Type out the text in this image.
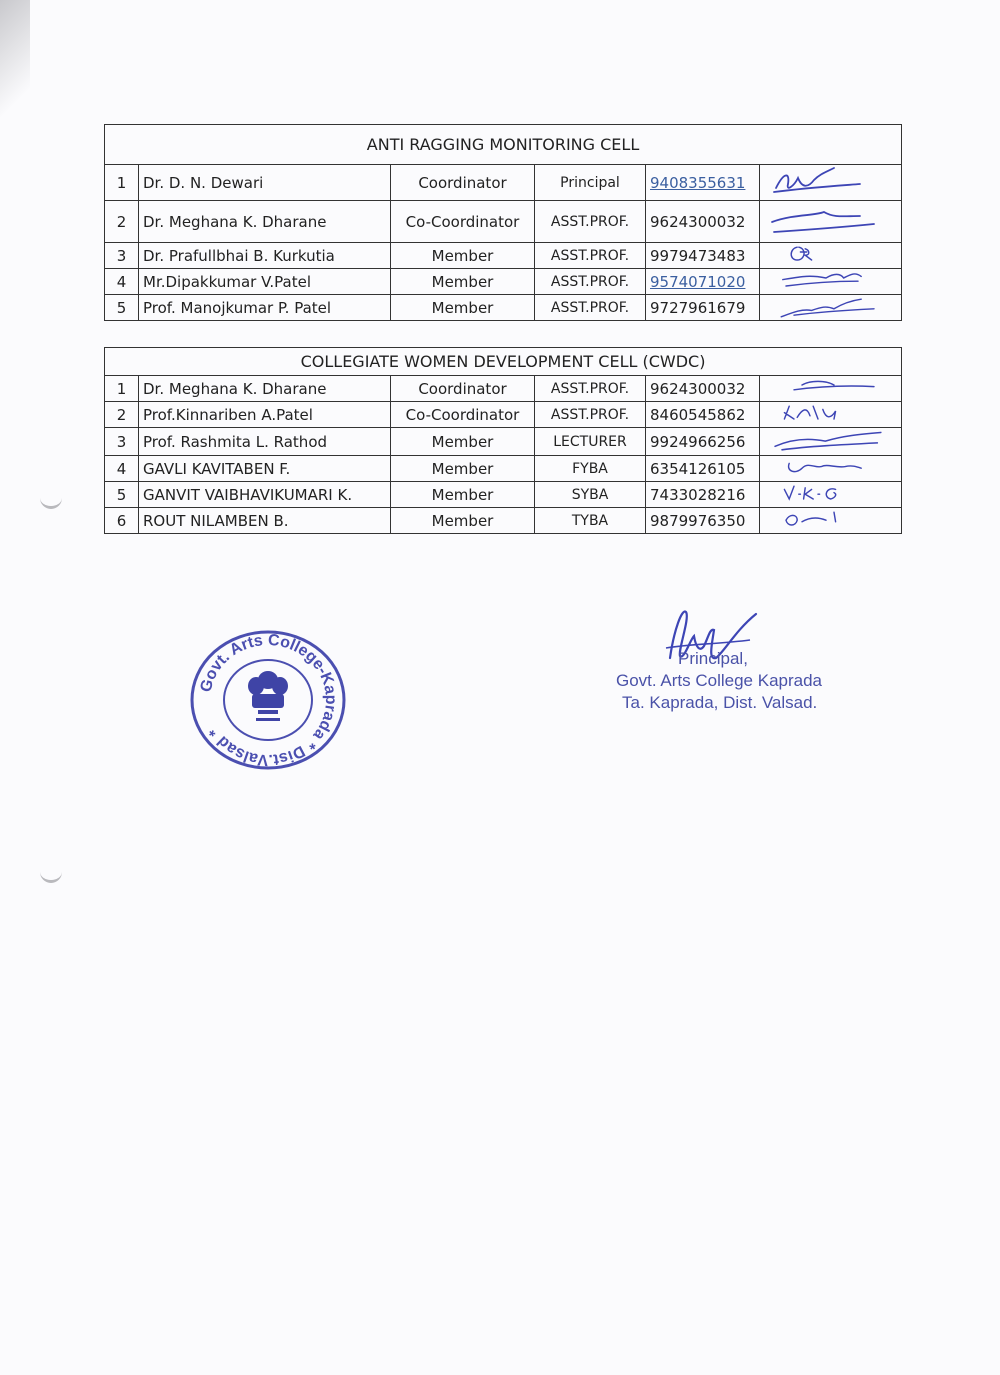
ANTI RAGGING MONITORING CELL					
1	Dr. D. N. Dewari	Coordinator	Principal	9408355631	

2	Dr. Meghana K. Dharane	Co-Coordinator	ASST.PROF.	9624300032	

3	Dr. Prafullbhai B. Kurkutia	Member	ASST.PROF.	9979473483	

4	Mr.Dipakkumar V.Patel	Member	ASST.PROF.	9574071020	

5	Prof. Manojkumar P. Patel	Member	ASST.PROF.	9727961679	
COLLEGIATE WOMEN DEVELOPMENT CELL (CWDC)					
1	Dr. Meghana K. Dharane	Coordinator	ASST.PROF.	9624300032	

2	Prof.Kinnariben A.Patel	Co-Coordinator	ASST.PROF.	8460545862	

3	Prof. Rashmita L. Rathod	Member	LECTURER	9924966256	

4	GAVLI KAVITABEN F.	Member	FYBA	6354126105	

5	GANVIT VAIBHAVIKUMARI K.	Member	SYBA	7433028216	

6	ROUT NILAMBEN B.	Member	TYBA	9879976350	
Govt. Arts College-Kaprada * Dist.Valsad *
Principal,
Govt. Arts College Kaprada
Ta. Kaprada, Dist. Valsad.
